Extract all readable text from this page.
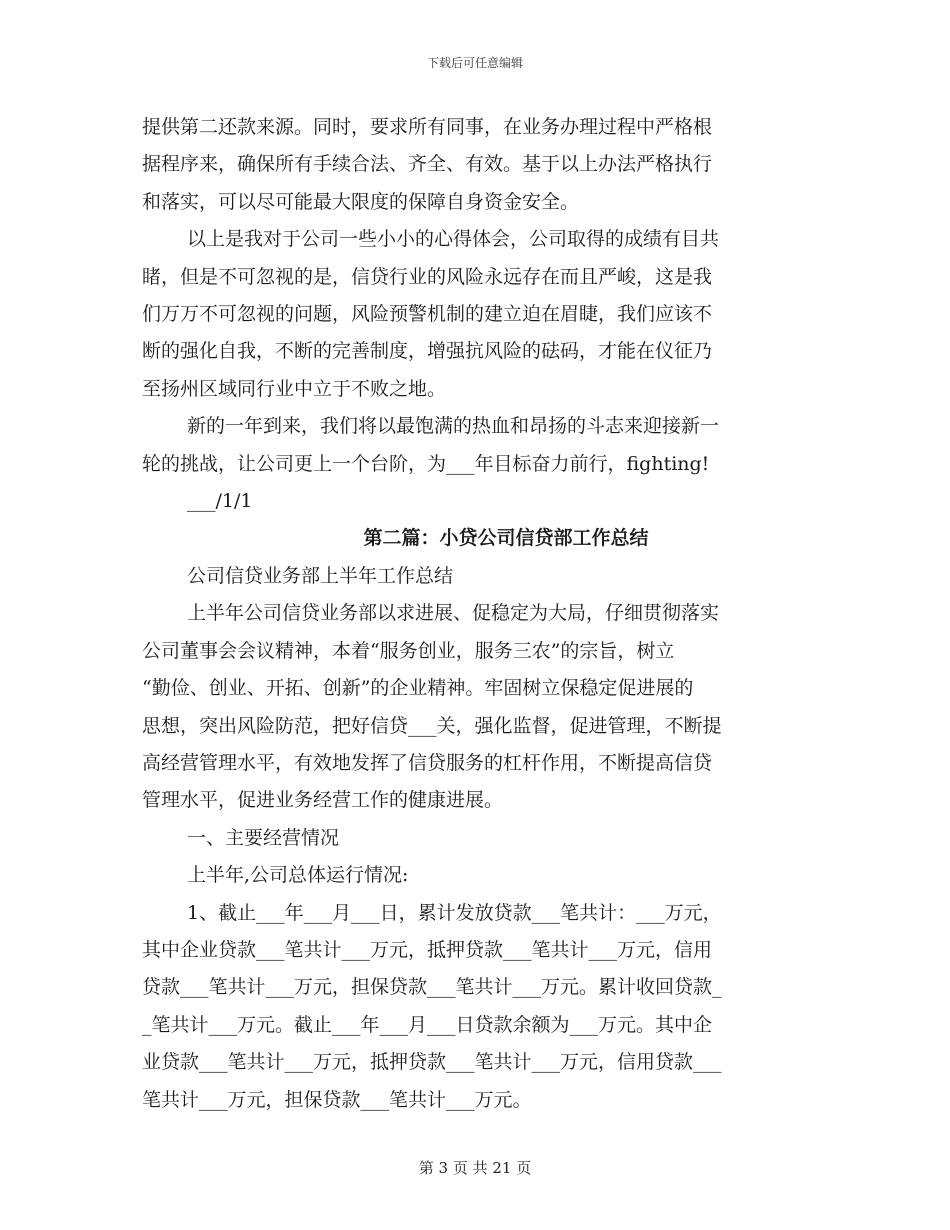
下载后可任意编辑

提供第二还款来源。同时，要求所有同事，在业务办理过程中严格根

据程序来，确保所有手续合法、齐全、有效。基于以上办法严格执行

和落实，可以尽可能最大限度的保障自身资金安全。

以上是我对于公司一些小小的心得体会，公司取得的成绩有目共

睹，但是不可忽视的是，信贷行业的风险永远存在而且严峻，这是我

们万万不可忽视的问题，风险预警机制的建立迫在眉睫，我们应该不

断的强化自我，不断的完善制度，增强抗风险的砝码，才能在仪征乃

至扬州区域同行业中立于不败之地。

新的一年到来，我们将以最饱满的热血和昂扬的斗志来迎接新一

轮的挑战，让公司更上一个台阶，为___年目标奋力前行，fighting!

___/1/1

第二篇：小贷公司信贷部工作总结

公司信贷业务部上半年工作总结

上半年公司信贷业务部以求进展、促稳定为大局，仔细贯彻落实

公司董事会会议精神，本着“服务创业，服务三农”的宗旨，树立

“勤俭、创业、开拓、创新”的企业精神。牢固树立保稳定促进展的

思想，突出风险防范，把好信贷___关，强化监督，促进管理，不断提

高经营管理水平，有效地发挥了信贷服务的杠杆作用，不断提高信贷

管理水平，促进业务经营工作的健康进展。

一、主要经营情况

上半年,公司总体运行情况:

1、截止___年___月___日，累计发放贷款___笔共计：___万元，

其中企业贷款___笔共计___万元，抵押贷款___笔共计___万元，信用

贷款___笔共计___万元，担保贷款___笔共计___万元。累计收回贷款_

_笔共计___万元。截止___年___月___日贷款余额为___万元。其中企

业贷款___笔共计___万元，抵押贷款___笔共计___万元，信用贷款___

笔共计___万元，担保贷款___笔共计___万元。

第 3 页 共 21 页
